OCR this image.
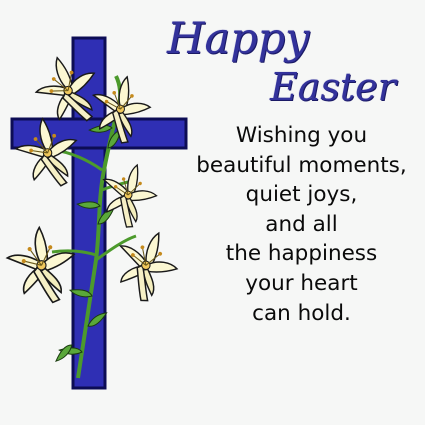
Happy
Easter
Wishing you
beautiful moments,
quiet joys,
and all
the happiness
your heart
can hold.
